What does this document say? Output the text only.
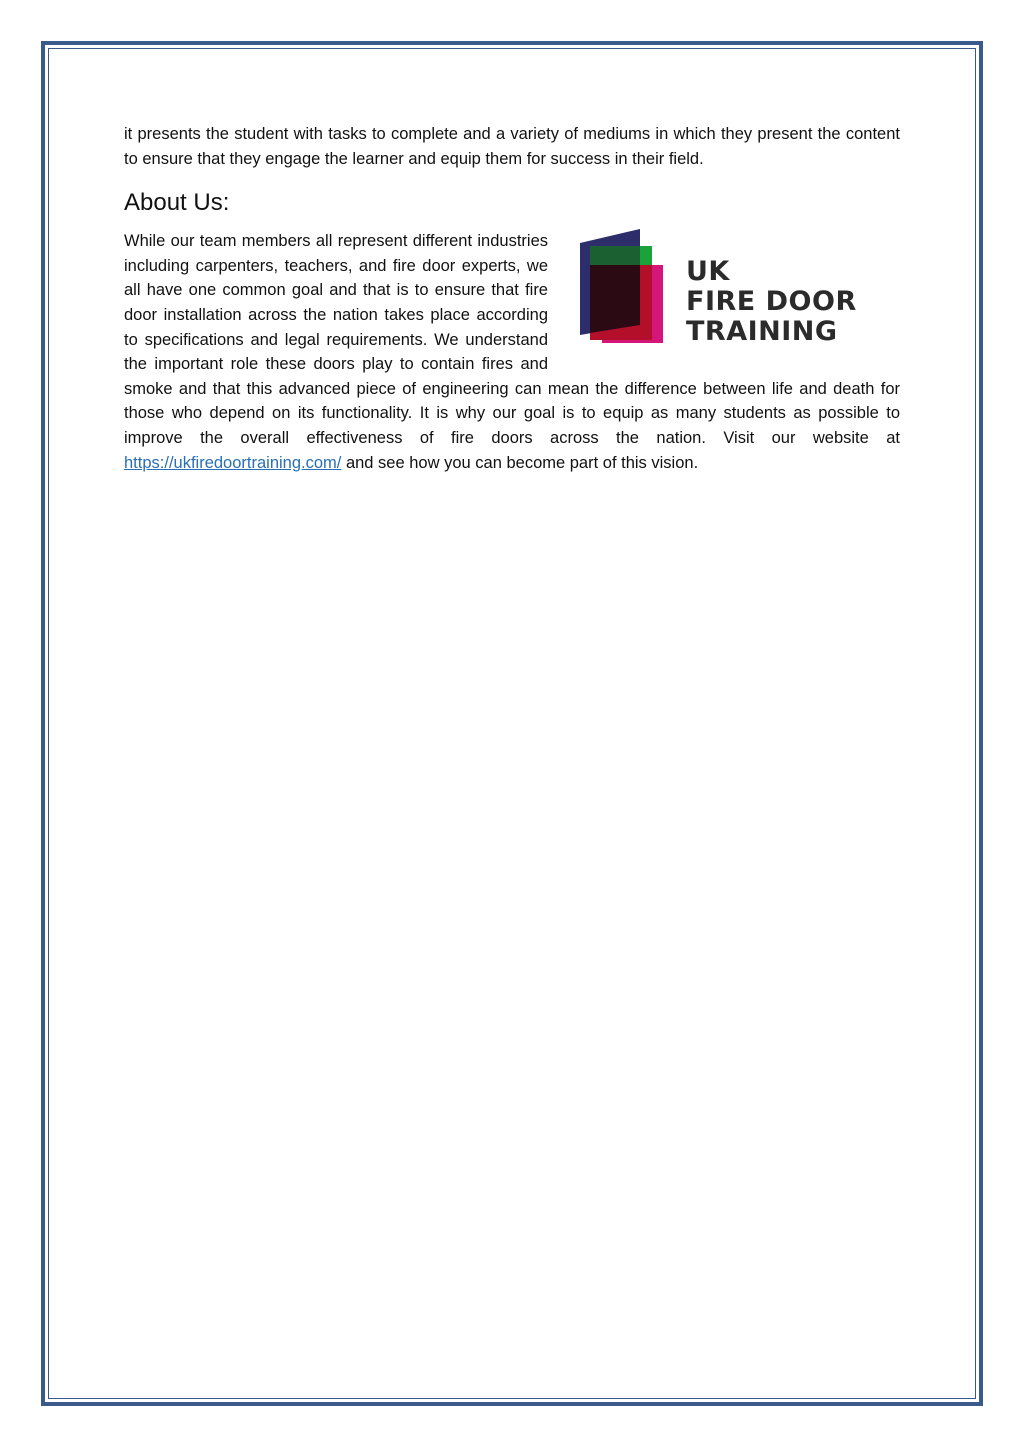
it presents the student with tasks to complete and a variety of mediums in which they present the content to ensure that they engage the learner and equip them for success in their field.

About Us:
UK
FIRE DOOR
TRAINING

While our team members all represent different industries including carpenters, teachers, and fire door experts, we all have one common goal and that is to ensure that fire door installation across the nation takes place according to specifications and legal requirements. We understand the important role these doors play to contain fires and smoke and that this advanced piece of engineering can mean the difference between life and death for those who depend on its functionality. It is why our goal is to equip as many students as possible to improve the overall effectiveness of fire doors across the nation. Visit our website at https://ukfiredoortraining.com/ and see how you can become part of this vision.
